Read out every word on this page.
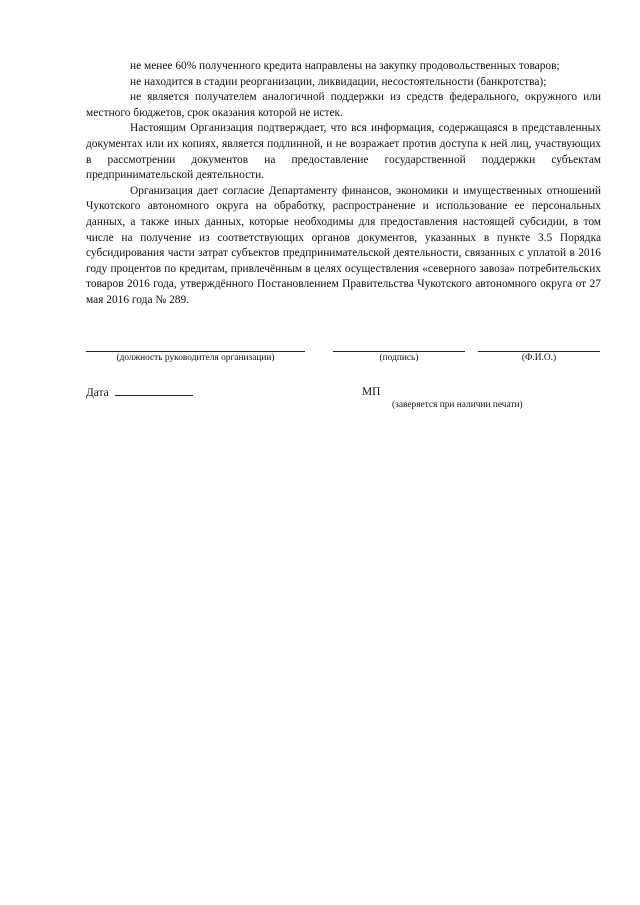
не менее 60% полученного кредита направлены на закупку продовольственных товаров;

не находится в стадии реорганизации, ликвидации, несостоятельности (банкротства);

не является получателем аналогичной поддержки из средств федерального, окружного или местного бюджетов, срок оказания которой не истек.

Настоящим Организация подтверждает, что вся информация, содержащаяся в представленных документах или их копиях, является подлинной, и не возражает против доступа к ней лиц, участвующих в рассмотрении документов на предоставление государственной поддержки субъектам предпринимательской деятельности.

Организация дает согласие Департаменту финансов, экономики и имущественных отношений Чукотского автономного округа на обработку, распространение и использование ее персональных данных, а также иных данных, которые необходимы для предоставления настоящей субсидии, в том числе на получение из соответствующих органов документов, указанных в пункте 3.5 Порядка субсидирования части затрат субъектов предпринимательской деятельности, связанных с уплатой в 2016 году процентов по кредитам, привлечённым в целях осуществления «северного завоза» потребительских товаров 2016 года, утверждённого Постановлением Правительства Чукотского автономного округа от 27 мая 2016 года № 289.

(должность руководителя организации)	(подпись)	(Ф.И.О.)
Дата	МП
(заверяется при наличии печати)
